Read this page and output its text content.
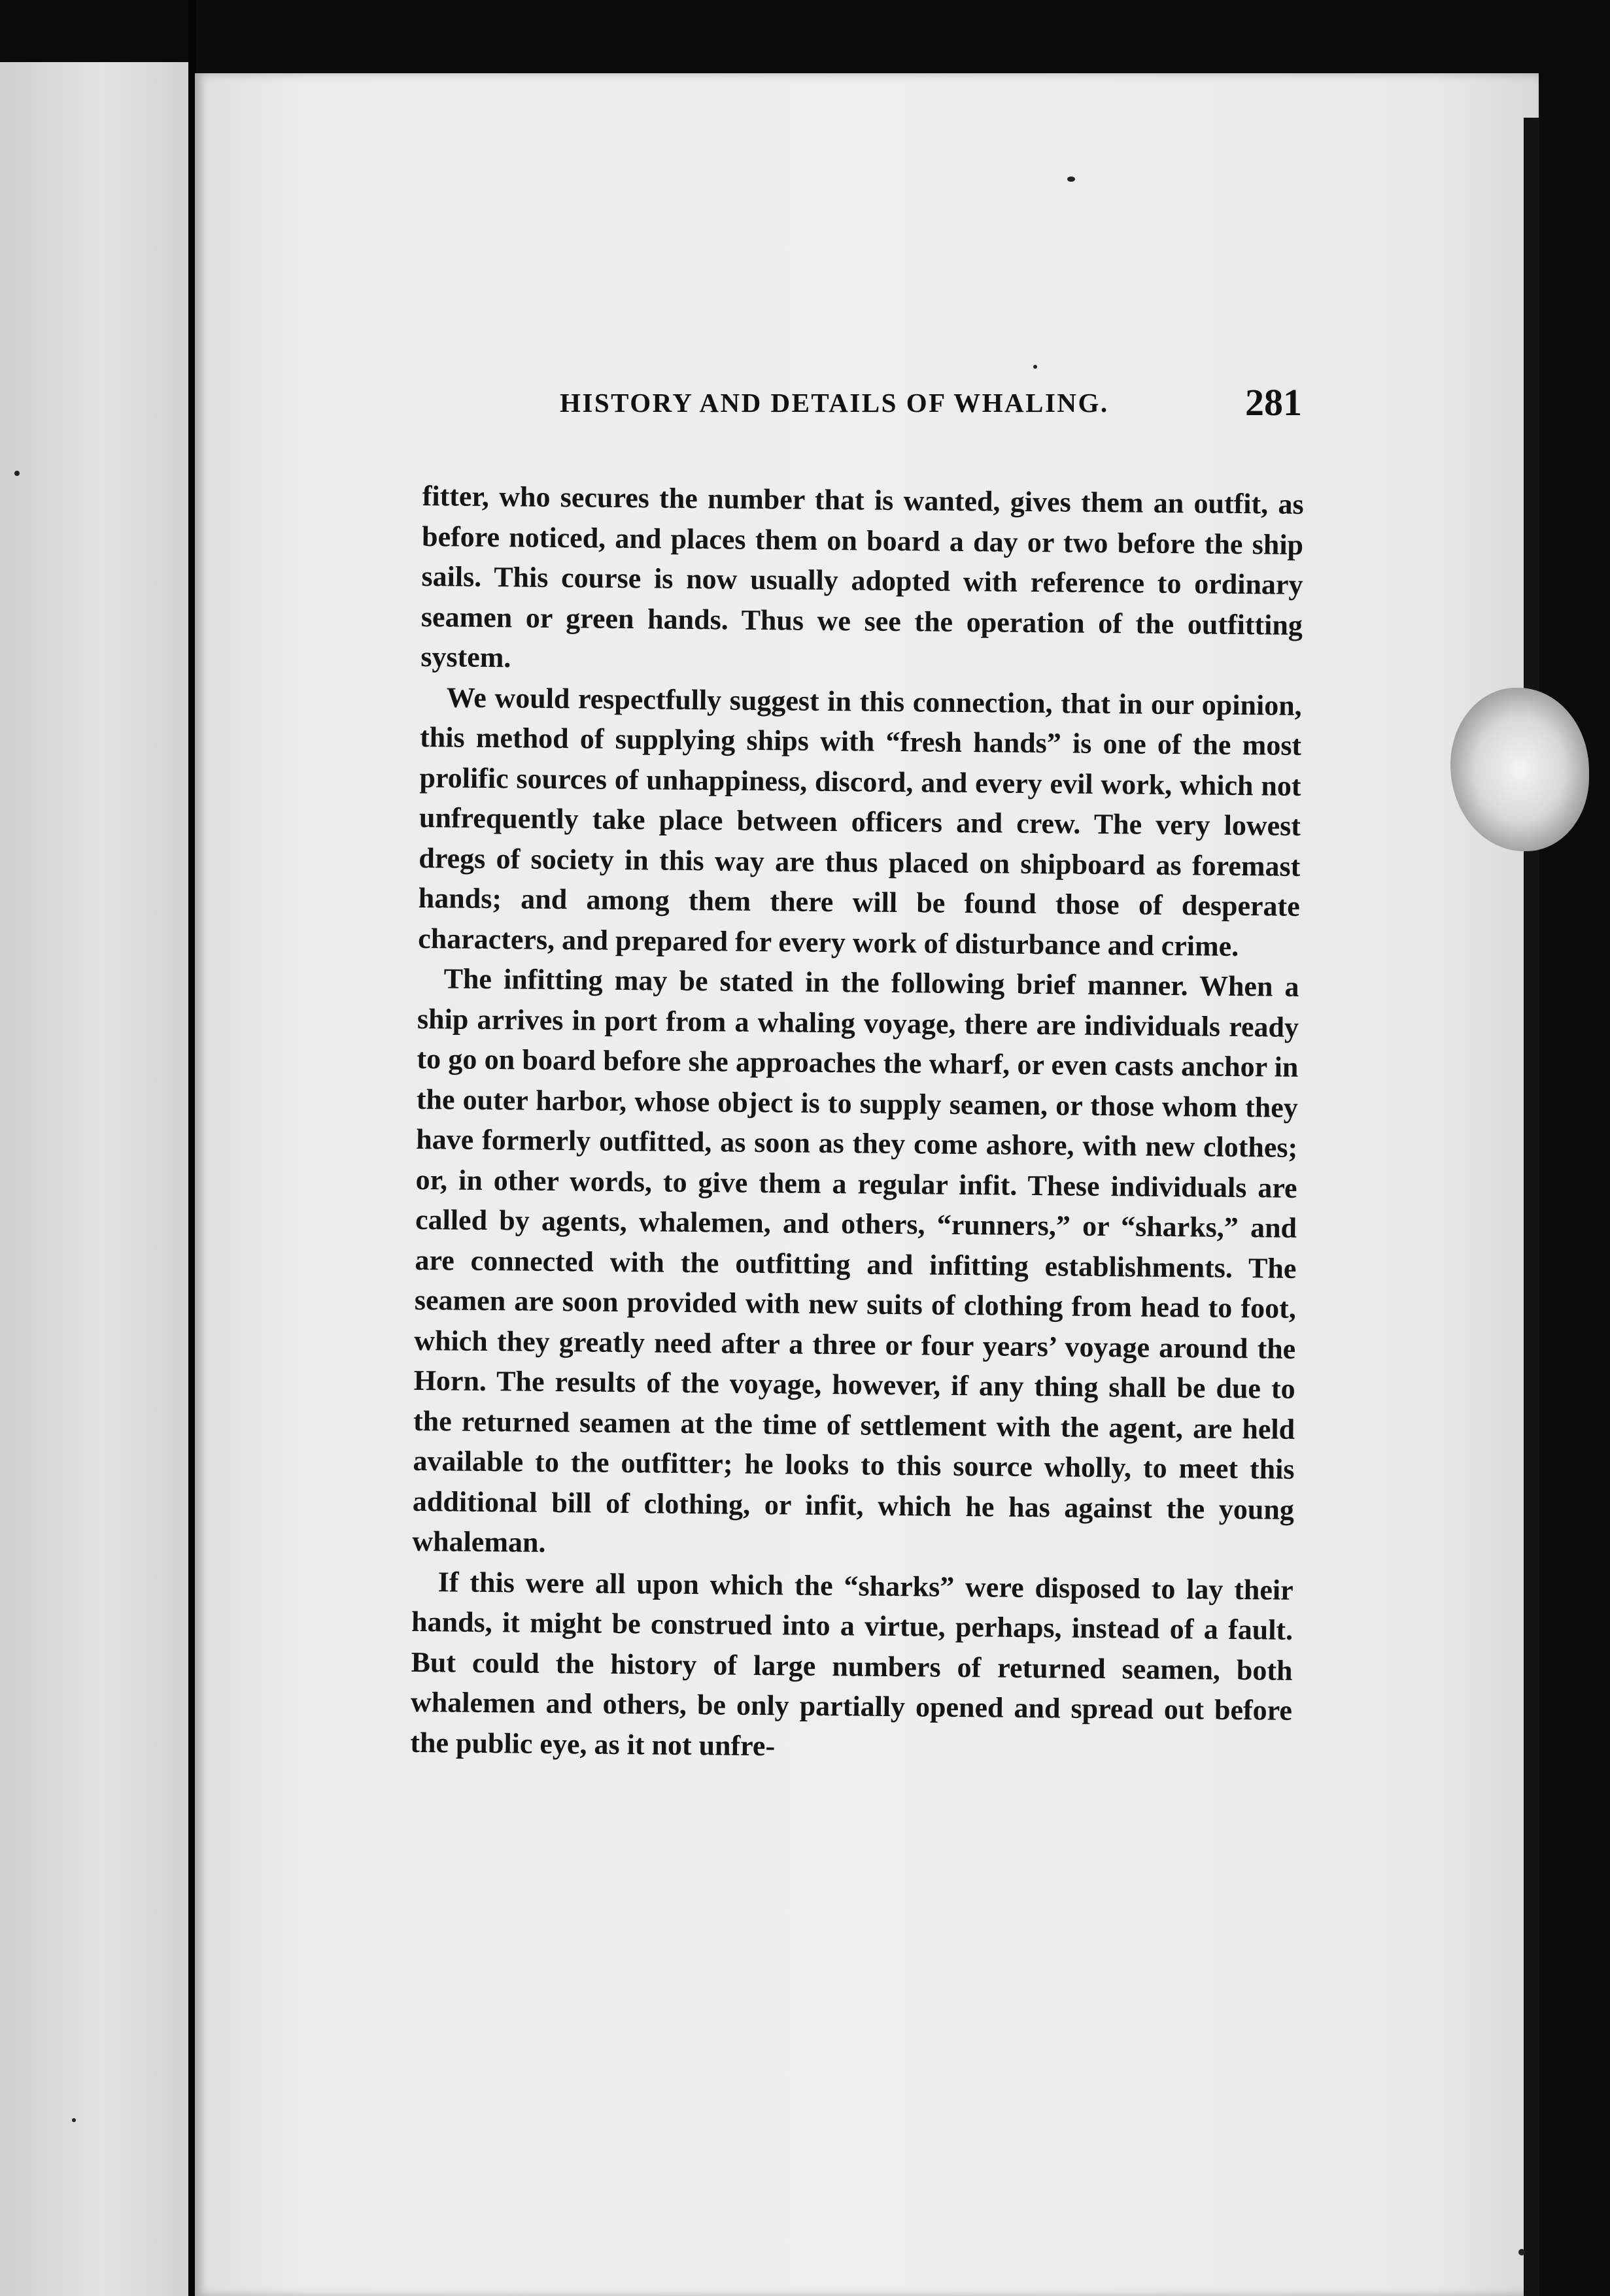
HISTORY AND DETAILS OF WHALING.	281

fitter, who secures the number that is wanted, gives them an outfit, as before noticed, and places them on board a day or two before the ship sails. This course is now usually adopted with reference to ordinary seamen or green hands. Thus we see the operation of the outfitting system.

We would respectfully suggest in this connection, that in our opinion, this method of supplying ships with “fresh hands” is one of the most prolific sources of unhappiness, discord, and every evil work, which not unfrequently take place between officers and crew. The very lowest dregs of society in this way are thus placed on shipboard as foremast hands; and among them there will be found those of desperate characters, and prepared for every work of disturbance and crime.

The infitting may be stated in the following brief manner. When a ship arrives in port from a whaling voyage, there are individuals ready to go on board before she approaches the wharf, or even casts anchor in the outer harbor, whose object is to supply seamen, or those whom they have formerly outfitted, as soon as they come ashore, with new clothes; or, in other words, to give them a regular infit. These individuals are called by agents, whalemen, and others, “runners,” or “sharks,” and are connected with the outfitting and infitting establishments. The seamen are soon provided with new suits of clothing from head to foot, which they greatly need after a three or four years’ voyage around the Horn. The results of the voyage, however, if any thing shall be due to the returned seamen at the time of settlement with the agent, are held available to the outfitter; he looks to this source wholly, to meet this additional bill of clothing, or infit, which he has against the young whaleman.

If this were all upon which the “sharks” were disposed to lay their hands, it might be construed into a virtue, perhaps, instead of a fault. But could the history of large numbers of returned seamen, both whalemen and others, be only partially opened and spread out before the public eye, as it not unfre-
